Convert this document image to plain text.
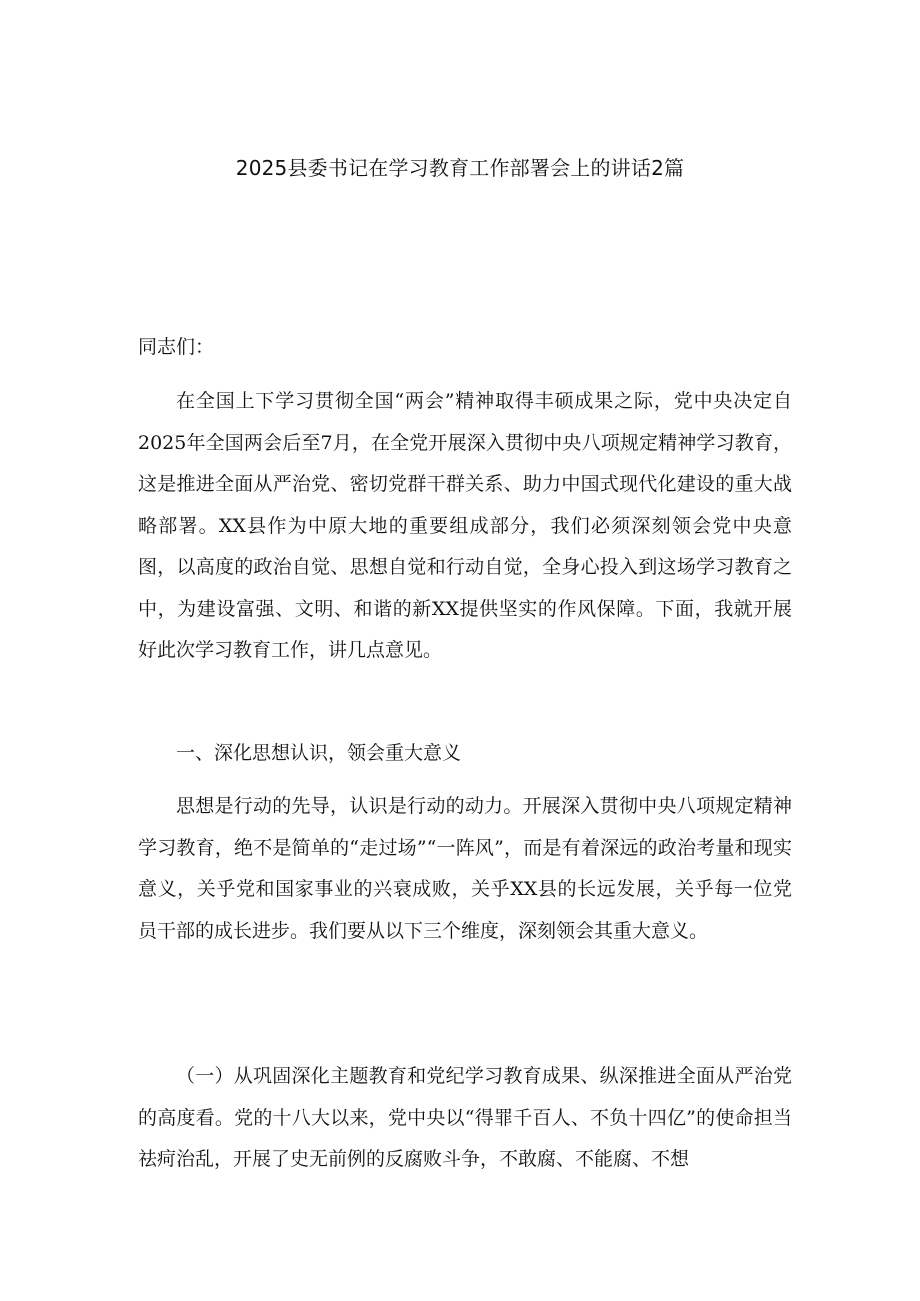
2025县委书记在学习教育工作部署会上的讲话2篇

同志们：

在全国上下学习贯彻全国“两会”精神取得丰硕成果之际，党中央决定自2025年全国两会后至7月，在全党开展深入贯彻中央八项规定精神学习教育，这是推进全面从严治党、密切党群干群关系、助力中国式现代化建设的重大战略部署。XX县作为中原大地的重要组成部分，我们必须深刻领会党中央意图，以高度的政治自觉、思想自觉和行动自觉，全身心投入到这场学习教育之中，为建设富强、文明、和谐的新XX提供坚实的作风保障。下面，我就开展好此次学习教育工作，讲几点意见。

一、深化思想认识，领会重大意义

思想是行动的先导，认识是行动的动力。开展深入贯彻中央八项规定精神学习教育，绝不是简单的“走过场”“一阵风”，而是有着深远的政治考量和现实意义，关乎党和国家事业的兴衰成败，关乎XX县的长远发展，关乎每一位党员干部的成长进步。我们要从以下三个维度，深刻领会其重大意义。

（一）从巩固深化主题教育和党纪学习教育成果、纵深推进全面从严治党的高度看。党的十八大以来，党中央以“得罪千百人、不负十四亿”的使命担当祛疴治乱，开展了史无前例的反腐败斗争，不敢腐、不能腐、不想
